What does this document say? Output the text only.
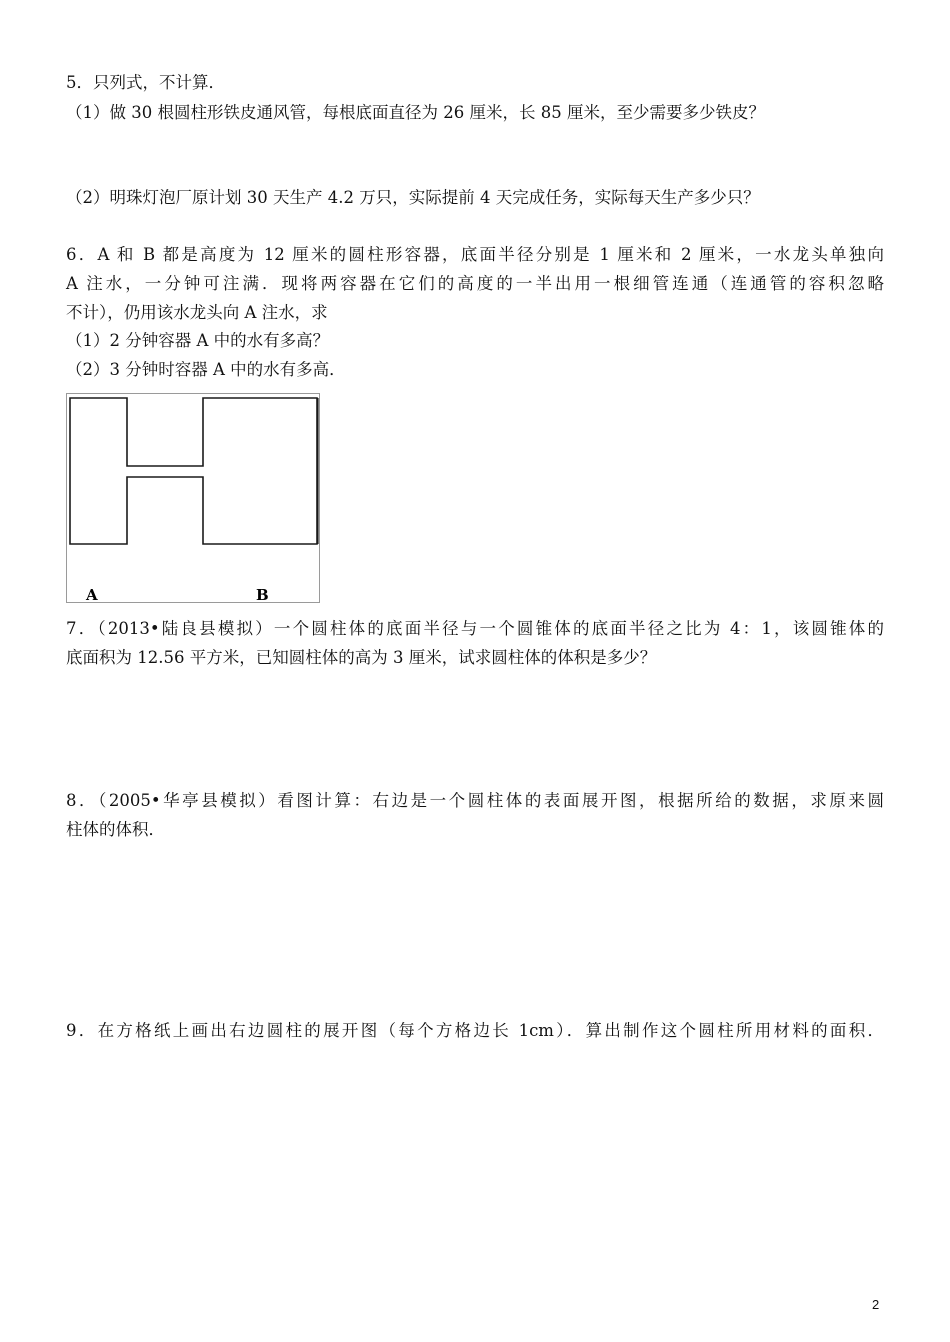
5．只列式，不计算．
（1）做 30 根圆柱形铁皮通风管，每根底面直径为 26 厘米，长 85 厘米，至少需要多少铁皮？
（2）明珠灯泡厂原计划 30 天生产 4.2 万只，实际提前 4 天完成任务，实际每天生产多少只？
6．A 和 B 都是高度为 12 厘米的圆柱形容器，底面半径分别是 1 厘米和 2 厘米，一水龙头单独向
A 注水，一分钟可注满．现将两容器在它们的高度的一半出用一根细管连通（连通管的容积忽略
不计），仍用该水龙头向 A 注水，求
（1）2 分钟容器 A 中的水有多高？
（2）3 分钟时容器 A 中的水有多高．
A	B
7．（2013•陆良县模拟）一个圆柱体的底面半径与一个圆锥体的底面半径之比为 4：1，该圆锥体的
底面积为 12.56 平方米，已知圆柱体的高为 3 厘米，试求圆柱体的体积是多少？
8．（2005•华亭县模拟）看图计算：右边是一个圆柱体的表面展开图，根据所给的数据，求原来圆
柱体的体积．
9．在方格纸上画出右边圆柱的展开图（每个方格边长 1cm）．算出制作这个圆柱所用材料的面积．
2
